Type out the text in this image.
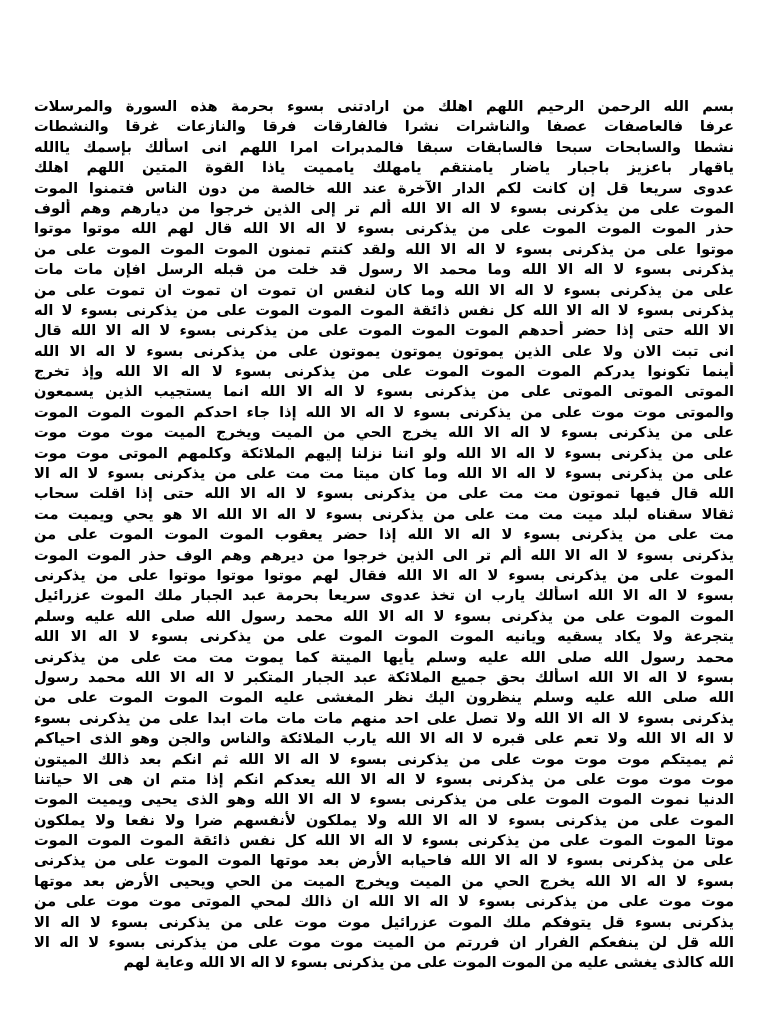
بسم الله الرحمن الرحيم اللهم اهلك من ارادتنى بسوء بحرمة هذه السورة والمرسلات

عرفا فالعاصفات عصفا والناشرات نشرا فالفارقات فرقا والنازعات غرقا والنشطات

نشطا والسابحات سبحا فالسابقات سبقا فالمدبرات امرا اللهم انى اسألك بإسمك ياالله

ياقهار باعزيز باجبار ياضار يامنتقم يامهلك يامميت ياذا القوة المتين اللهم اهلك

عدوى سريعا قل إن كانت لكم الدار الآخرة عند الله خالصة من دون الناس فتمنوا الموت

الموت على من يذكرنى بسوء لا اله الا الله ألم تر إلى الذين خرجوا من ديارهم وهم ألوف

حذر الموت الموت الموت على من يذكرنى بسوء لا اله الا الله قال لهم الله موتوا موتوا

موتوا على من يذكرنى بسوء لا اله الا الله ولقد كنتم تمنون الموت الموت الموت على من

يذكرنى بسوء لا اله الا الله وما محمد الا رسول قد خلت من قبله الرسل افإن مات مات

على من يذكرنى بسوء لا اله الا الله وما كان لنفس ان تموت ان تموت ان تموت على من

يذكرنى بسوء لا اله الا الله كل نفس ذائقة الموت الموت الموت على من يذكرنى بسوء لا اله

الا الله حتى إذا حضر أحدهم الموت الموت الموت على من يذكرنى بسوء لا اله الا الله قال

انى تبت الان ولا على الذين يموتون يموتون يموتون على من يذكرنى بسوء لا اله الا الله

أينما تكونوا يدركم الموت الموت الموت على من يذكرنى بسوء لا اله الا الله وإذ تخرج

الموتى الموتى الموتى على من يذكرنى بسوء لا اله الا الله انما يستجيب الذين يسمعون

والموتى موت موت على من يذكرنى بسوء لا اله الا الله إذا جاء احدكم الموت الموت الموت

على من يذكرنى بسوء لا اله الا الله يخرج الحي من الميت ويخرج الميت موت موت موت

على من يذكرنى بسوء لا اله الا الله ولو اننا نزلنا إليهم الملائكة وكلمهم الموتى موت موت

على من يذكرنى بسوء لا اله الا الله وما كان ميتا مت مت على من يذكرنى بسوء لا اله الا

الله قال فيها تموتون مت مت على من يذكرنى بسوء لا اله الا الله حتى إذا اقلت سحاب

ثقالا سقناه لبلد ميت مت مت على من يذكرنى بسوء لا اله الا الله الا هو يحي ويميت مت

مت على من يذكرنى بسوء لا اله الا الله إذا حضر يعقوب الموت الموت الموت على من

يذكرنى بسوء لا اله الا الله ألم تر الى الذين خرجوا من ديرهم وهم الوف حذر الموت الموت

الموت على من يذكرنى بسوء لا اله الا الله فقال لهم موتوا موتوا موتوا على من يذكرنى

بسوء لا اله الا الله اسألك يارب ان تخذ عدوى سريعا بحرمة عبد الجبار ملك الموت عزرائيل

الموت الموت على من يذكرنى بسوء لا اله الا الله محمد رسول الله صلى الله عليه وسلم

يتجرعة ولا يكاد يسقيه ويانيه الموت الموت الموت على من يذكرنى بسوء لا اله الا الله

محمد رسول الله صلى الله عليه وسلم يأيها الميتة كما يموت مت مت على من يذكرنى

بسوء لا اله الا الله اسألك بحق جميع الملائكة عبد الجبار المتكبر لا اله الا الله محمد رسول

الله صلى الله عليه وسلم ينظرون اليك نظر المغشى عليه الموت الموت الموت على من

يذكرنى بسوء لا اله الا الله ولا تصل على احد منهم مات مات مات ابدا على من يذكرنى بسوء

لا اله الا الله ولا تعم على قبره لا اله الا الله يارب الملائكة والناس والجن وهو الذى احياكم

ثم يميتكم موت موت موت على من يذكرنى بسوء لا اله الا الله ثم انكم بعد ذالك الميتون

موت موت موت على من يذكرنى بسوء لا اله الا الله يعدكم انكم إذا متم ان هى الا حياتنا

الدنيا نموت الموت الموت على من يذكرنى بسوء لا اله الا الله وهو الذى يحيى ويميت الموت

الموت على من يذكرنى بسوء لا اله الا الله ولا يملكون لأنفسهم ضرا ولا نفعا ولا يملكون

موتا الموت الموت على من يذكرنى بسوء لا اله الا الله كل نفس ذائقة الموت الموت الموت

على من يذكرنى بسوء لا اله الا الله فاحيابه الأرض بعد موتها الموت الموت على من يذكرنى

بسوء لا اله الا الله يخرج الحي من الميت ويخرج الميت من الحي ويحيى الأرض بعد موتها

موت موت على من يذكرنى بسوء لا اله الا الله ان ذالك لمحي الموتى موت موت على من

يذكرنى بسوء قل يتوفكم ملك الموت عزرائيل موت موت على من يذكرنى بسوء لا اله الا

الله قل لن ينفعكم الفرار ان فررتم من الميت موت موت على من يذكرنى بسوء لا اله الا

الله كالذى يغشى عليه من الموت الموت على من يذكرنى بسوء لا اله الا الله وعاية لهم
